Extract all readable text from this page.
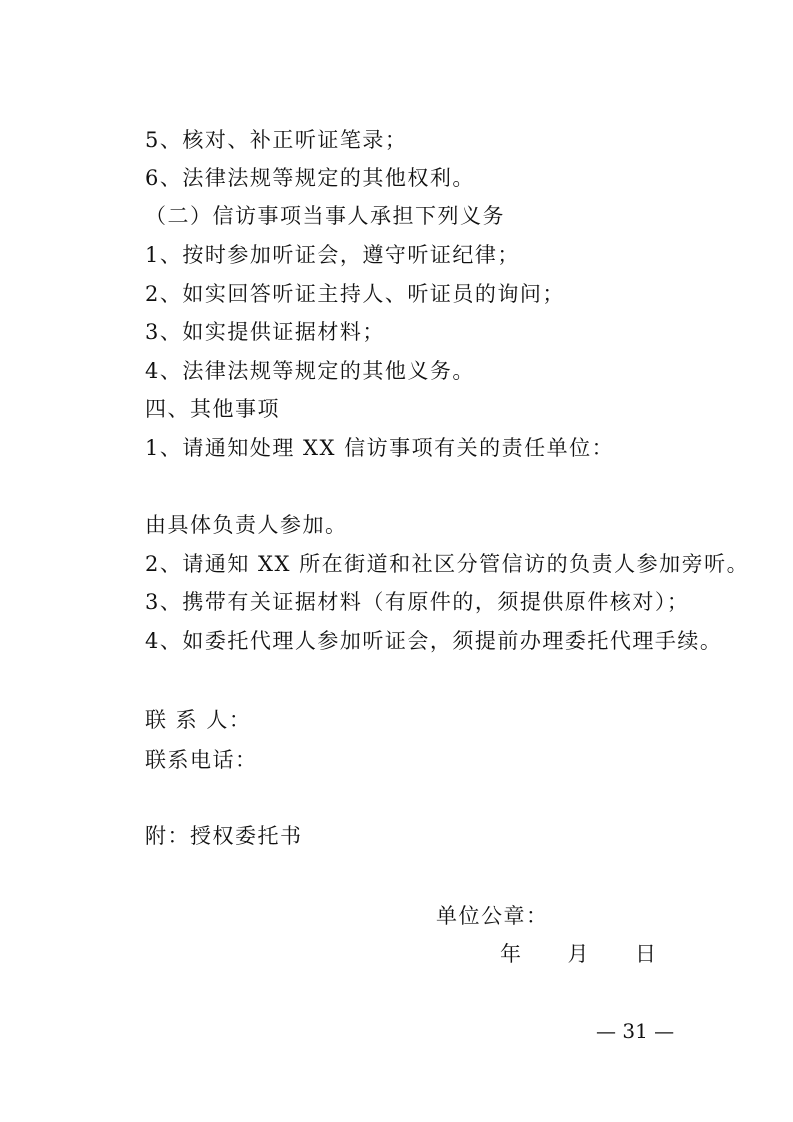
5、核对、补正听证笔录；
6、法律法规等规定的其他权利。
（二）信访事项当事人承担下列义务
1、按时参加听证会，遵守听证纪律；
2、如实回答听证主持人、听证员的询问；
3、如实提供证据材料；
4、法律法规等规定的其他义务。
四、其他事项
1、请通知处理 XX 信访事项有关的责任单位：
由具体负责人参加。
2、请通知 XX 所在街道和社区分管信访的负责人参加旁听。
3、携带有关证据材料（有原件的，须提供原件核对）；
4、如委托代理人参加听证会，须提前办理委托代理手续。
联 系 人：
联系电话：
附：授权委托书
单位公章：
年　　月　　日
— 31 —
